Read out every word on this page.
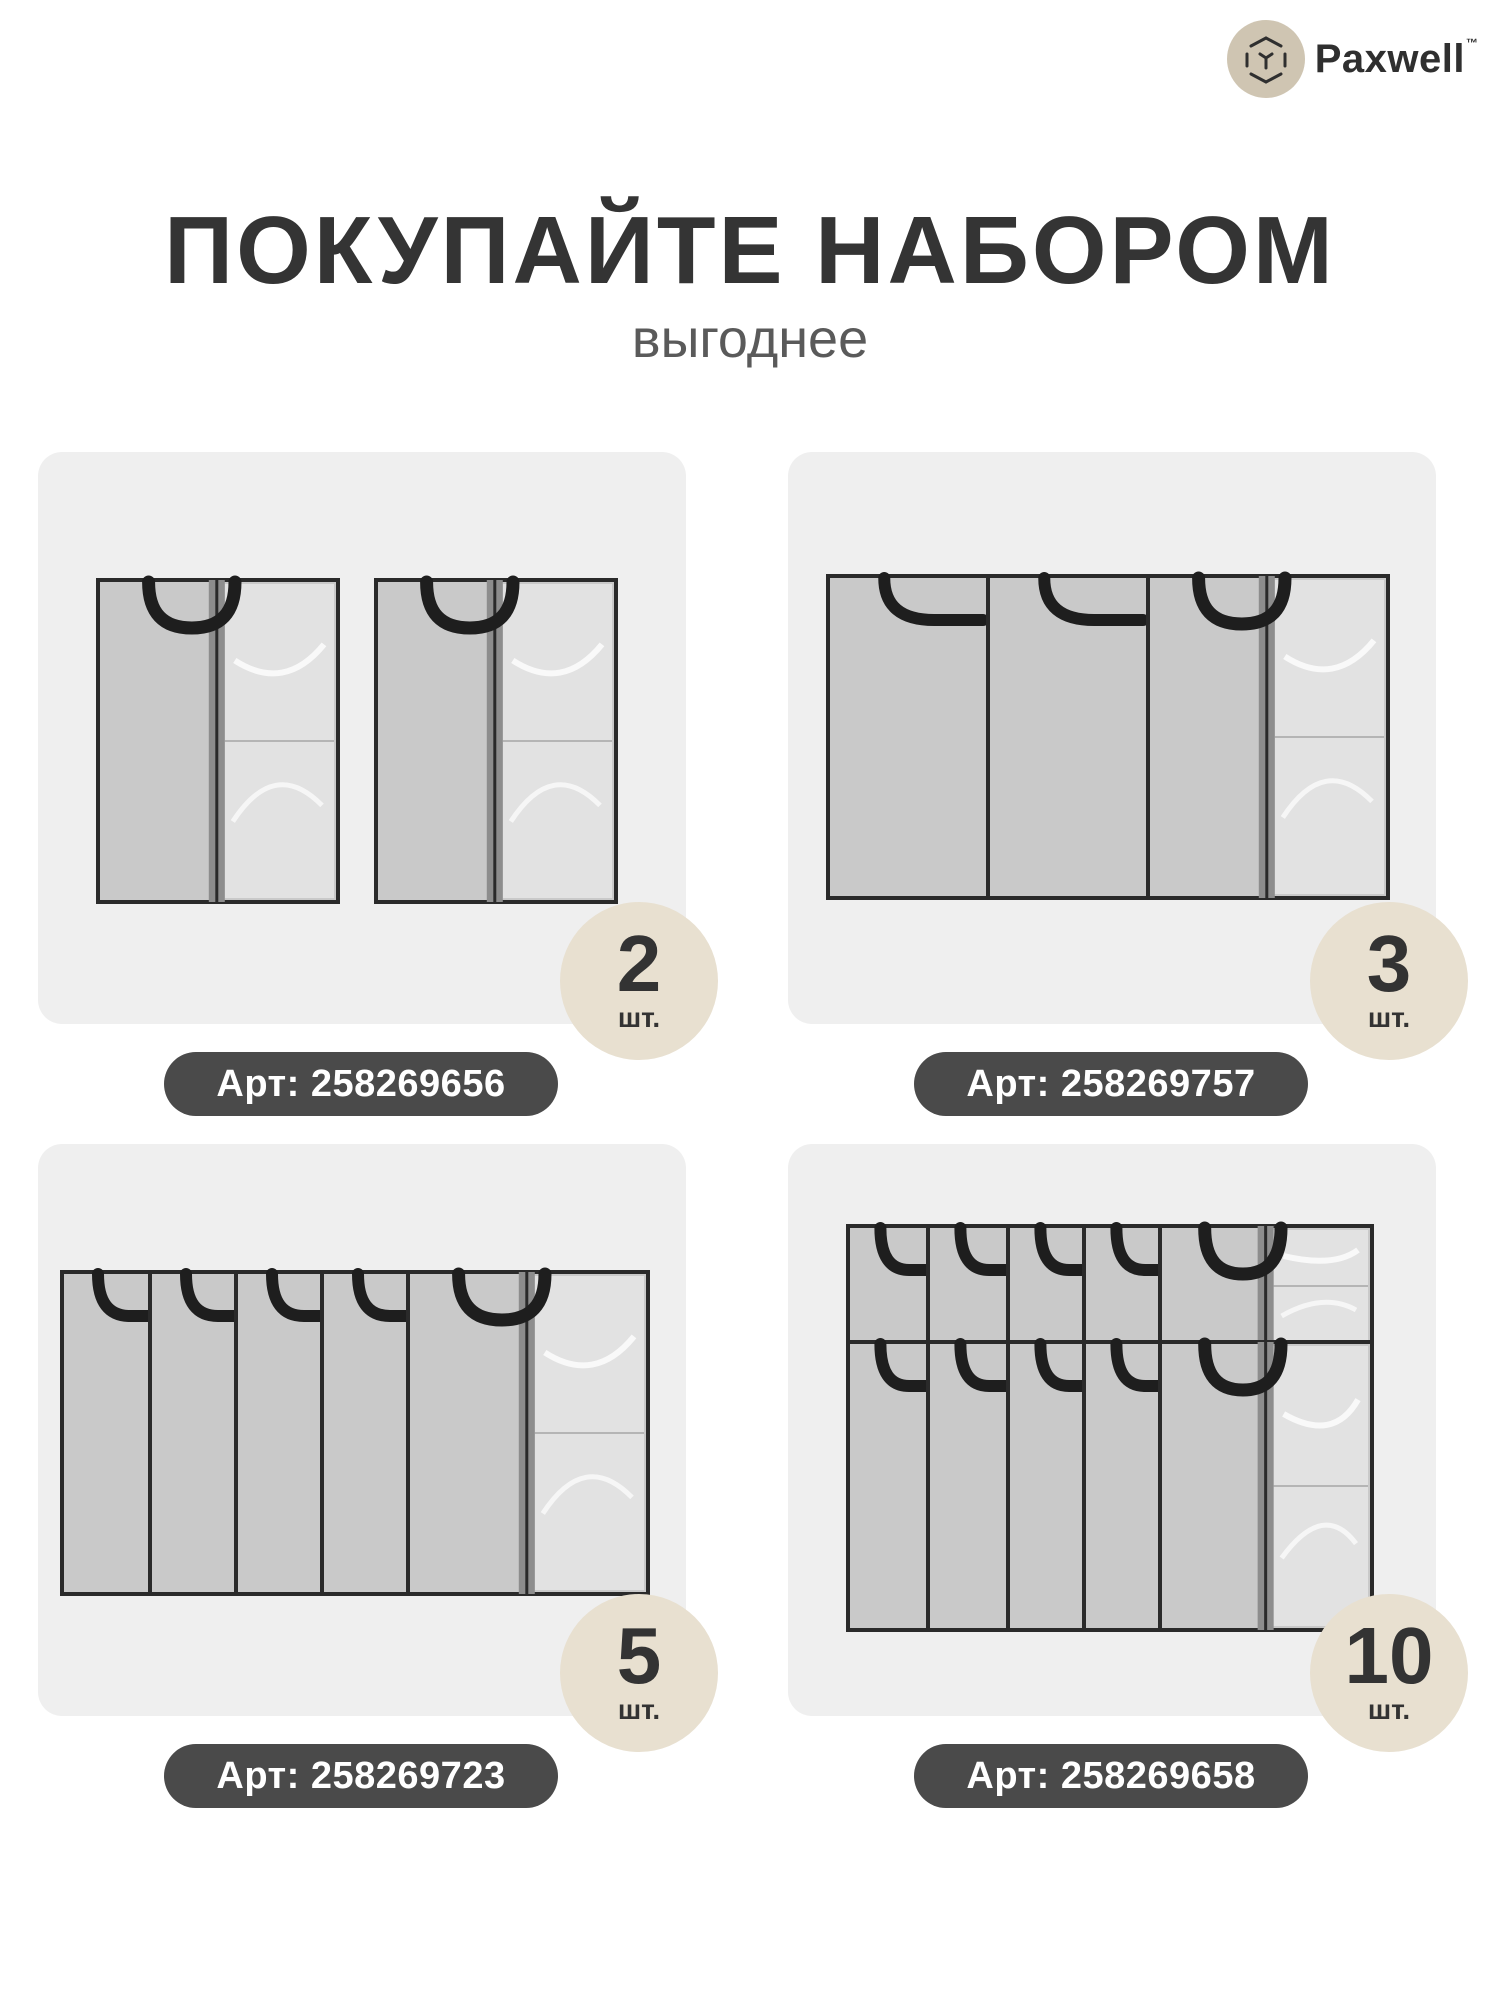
Paxwell ™
ПОКУПАЙТЕ НАБОРОМ
выгоднее
2
шт.
Арт: 258269656
3
шт.
Арт: 258269757
5
шт.
Арт: 258269723
10
шт.
Арт: 258269658
